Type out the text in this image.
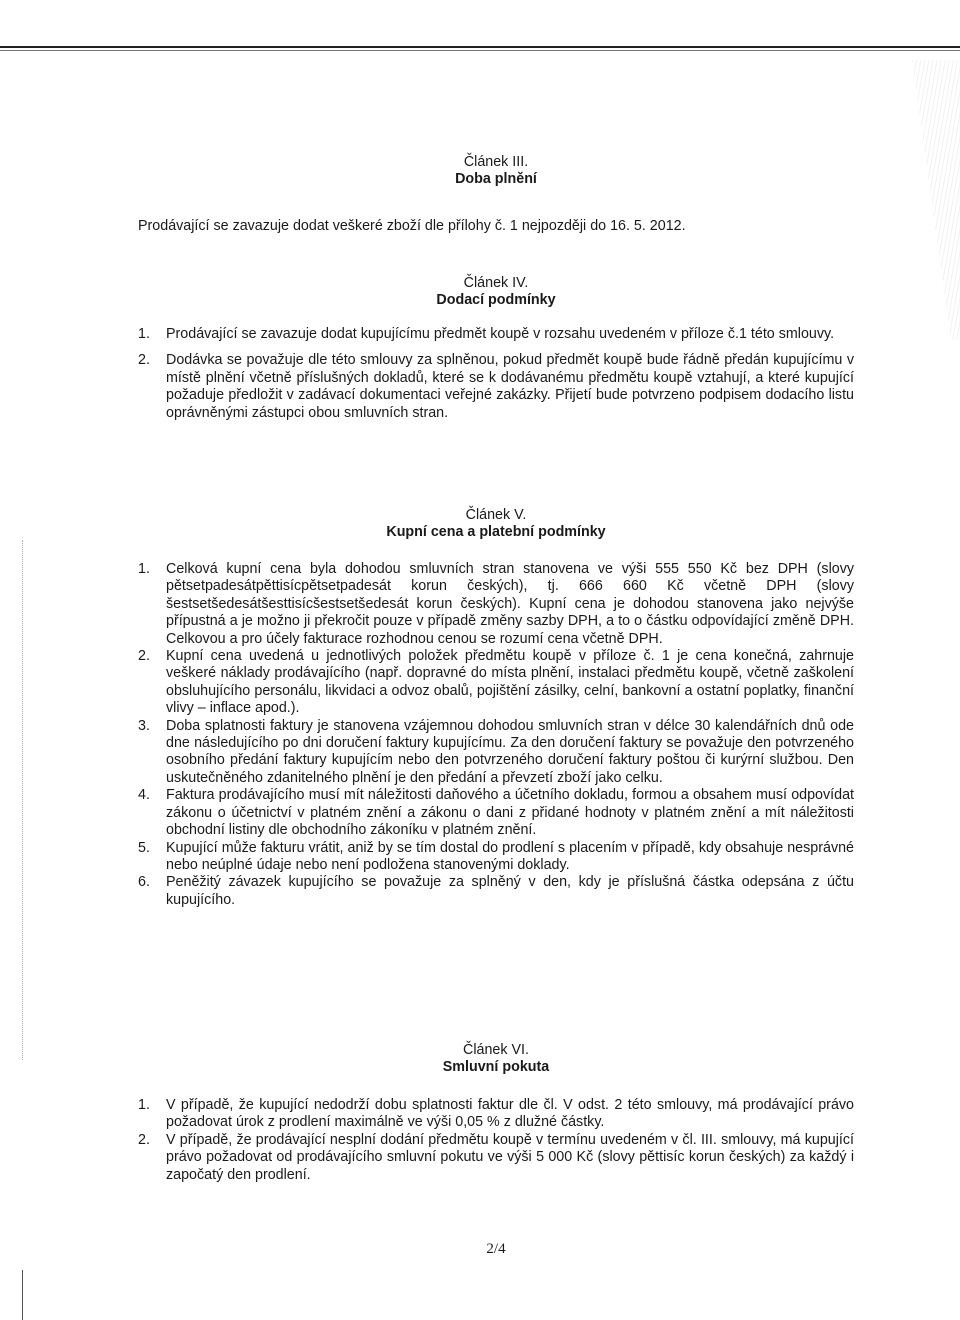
Článek III.
Doba plnění
Prodávající se zavazuje dodat veškeré zboží dle přílohy č. 1 nejpozději do 16. 5. 2012.
Článek IV.
Dodací podmínky
1.	Prodávající se zavazuje dodat kupujícímu předmět koupě v rozsahu uvedeném v příloze č.1 této smlouvy.
2.	Dodávka se považuje dle této smlouvy za splněnou, pokud předmět koupě bude řádně předán kupujícímu v místě plnění včetně příslušných dokladů, které se k dodávanému předmětu koupě vztahují, a které kupující požaduje předložit v zadávací dokumentaci veřejné zakázky. Přijetí bude potvrzeno podpisem dodacího listu oprávněnými zástupci obou smluvních stran.
Článek V.
Kupní cena a platební podmínky
1.	Celková kupní cena byla dohodou smluvních stran stanovena ve výši 555 550 Kč bez DPH (slovy pětsetpadesátpěttisícpětsetpadesát korun českých), tj. 666 660 Kč včetně DPH (slovy šestsetšedesátšesttisícšestsetšedesát korun českých). Kupní cena je dohodou stanovena jako nejvýše přípustná a je možno ji překročit pouze v případě změny sazby DPH, a to o částku odpovídající změně DPH. Celkovou a pro účely fakturace rozhodnou cenou se rozumí cena včetně DPH.
2.	Kupní cena uvedená u jednotlivých položek předmětu koupě v příloze č. 1 je cena konečná, zahrnuje veškeré náklady prodávajícího (např. dopravné do místa plnění, instalaci předmětu koupě, včetně zaškolení obsluhujícího personálu, likvidaci a odvoz obalů, pojištění zásilky, celní, bankovní a ostatní poplatky, finanční vlivy – inflace apod.).
3.	Doba splatnosti faktury je stanovena vzájemnou dohodou smluvních stran v délce 30 kalendářních dnů ode dne následujícího po dni doručení faktury kupujícímu. Za den doručení faktury se považuje den potvrzeného osobního předání faktury kupujícím nebo den potvrzeného doručení faktury poštou či kurýrní službou. Den uskutečněného zdanitelného plnění je den předání a převzetí zboží jako celku.
4.	Faktura prodávajícího musí mít náležitosti daňového a účetního dokladu, formou a obsahem musí odpovídat zákonu o účetnictví v platném znění a zákonu o dani z přidané hodnoty v platném znění a mít náležitosti obchodní listiny dle obchodního zákoníku v platném znění.
5.	Kupující může fakturu vrátit, aniž by se tím dostal do prodlení s placením v případě, kdy obsahuje nesprávné nebo neúplné údaje nebo není podložena stanovenými doklady.
6.	Peněžitý závazek kupujícího se považuje za splněný v den, kdy je příslušná částka odepsána z účtu kupujícího.
Článek VI.
Smluvní pokuta
1.	V případě, že kupující nedodrží dobu splatnosti faktur dle čl. V odst. 2 této smlouvy, má prodávající právo požadovat úrok z prodlení maximálně ve výši 0,05 % z dlužné částky.
2.	V případě, že prodávající nesplní dodání předmětu koupě v termínu uvedeném v čl. III. smlouvy, má kupující právo požadovat od prodávajícího smluvní pokutu ve výši 5 000 Kč (slovy pěttisíc korun českých) za každý i započatý den prodlení.
2/4
